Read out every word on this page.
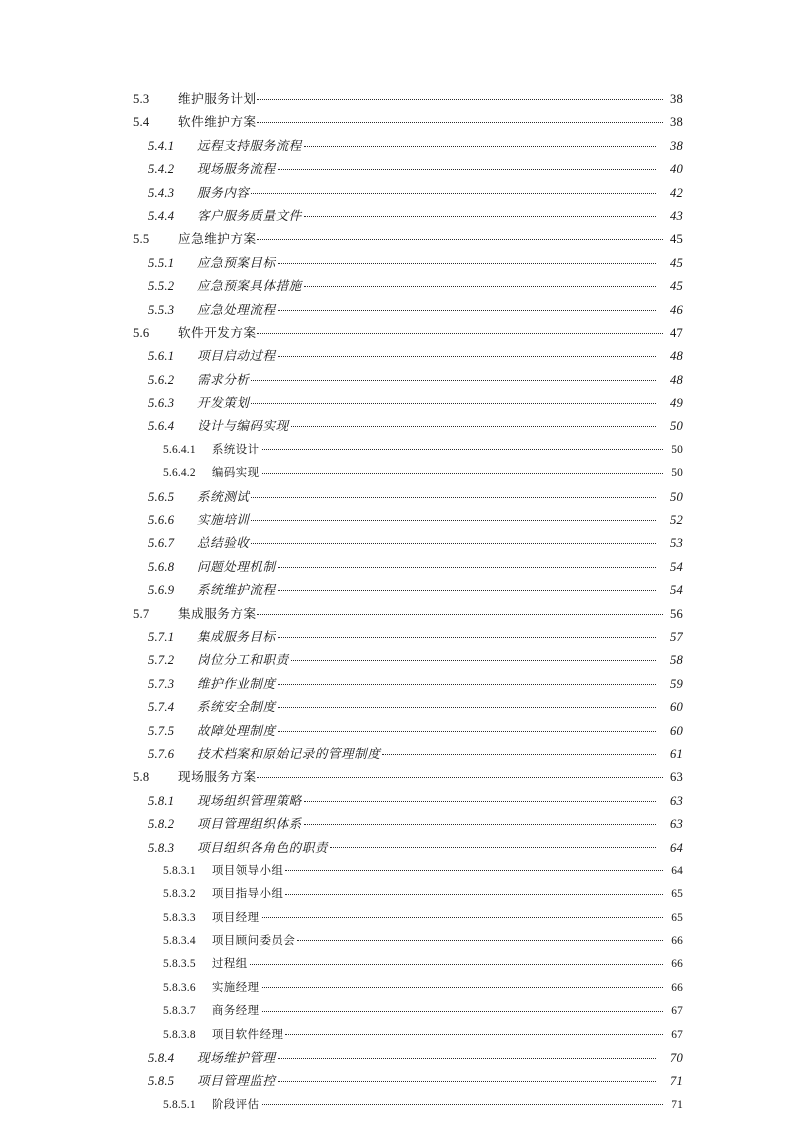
5.3	维护服务计划	38
5.4	软件维护方案	38
5.4.1	远程支持服务流程	38
5.4.2	现场服务流程	40
5.4.3	服务内容	42
5.4.4	客户服务质量文件	43
5.5	应急维护方案	45
5.5.1	应急预案目标	45
5.5.2	应急预案具体措施	45
5.5.3	应急处理流程	46
5.6	软件开发方案	47
5.6.1	项目启动过程	48
5.6.2	需求分析	48
5.6.3	开发策划	49
5.6.4	设计与编码实现	50
5.6.4.1	系统设计	50
5.6.4.2	编码实现	50
5.6.5	系统测试	50
5.6.6	实施培训	52
5.6.7	总结验收	53
5.6.8	问题处理机制	54
5.6.9	系统维护流程	54
5.7	集成服务方案	56
5.7.1	集成服务目标	57
5.7.2	岗位分工和职责	58
5.7.3	维护作业制度	59
5.7.4	系统安全制度	60
5.7.5	故障处理制度	60
5.7.6	技术档案和原始记录的管理制度	61
5.8	现场服务方案	63
5.8.1	现场组织管理策略	63
5.8.2	项目管理组织体系	63
5.8.3	项目组织各角色的职责	64
5.8.3.1	项目领导小组	64
5.8.3.2	项目指导小组	65
5.8.3.3	项目经理	65
5.8.3.4	项目顾问委员会	66
5.8.3.5	过程组	66
5.8.3.6	实施经理	66
5.8.3.7	商务经理	67
5.8.3.8	项目软件经理	67
5.8.4	现场维护管理	70
5.8.5	项目管理监控	71
5.8.5.1	阶段评估	71
